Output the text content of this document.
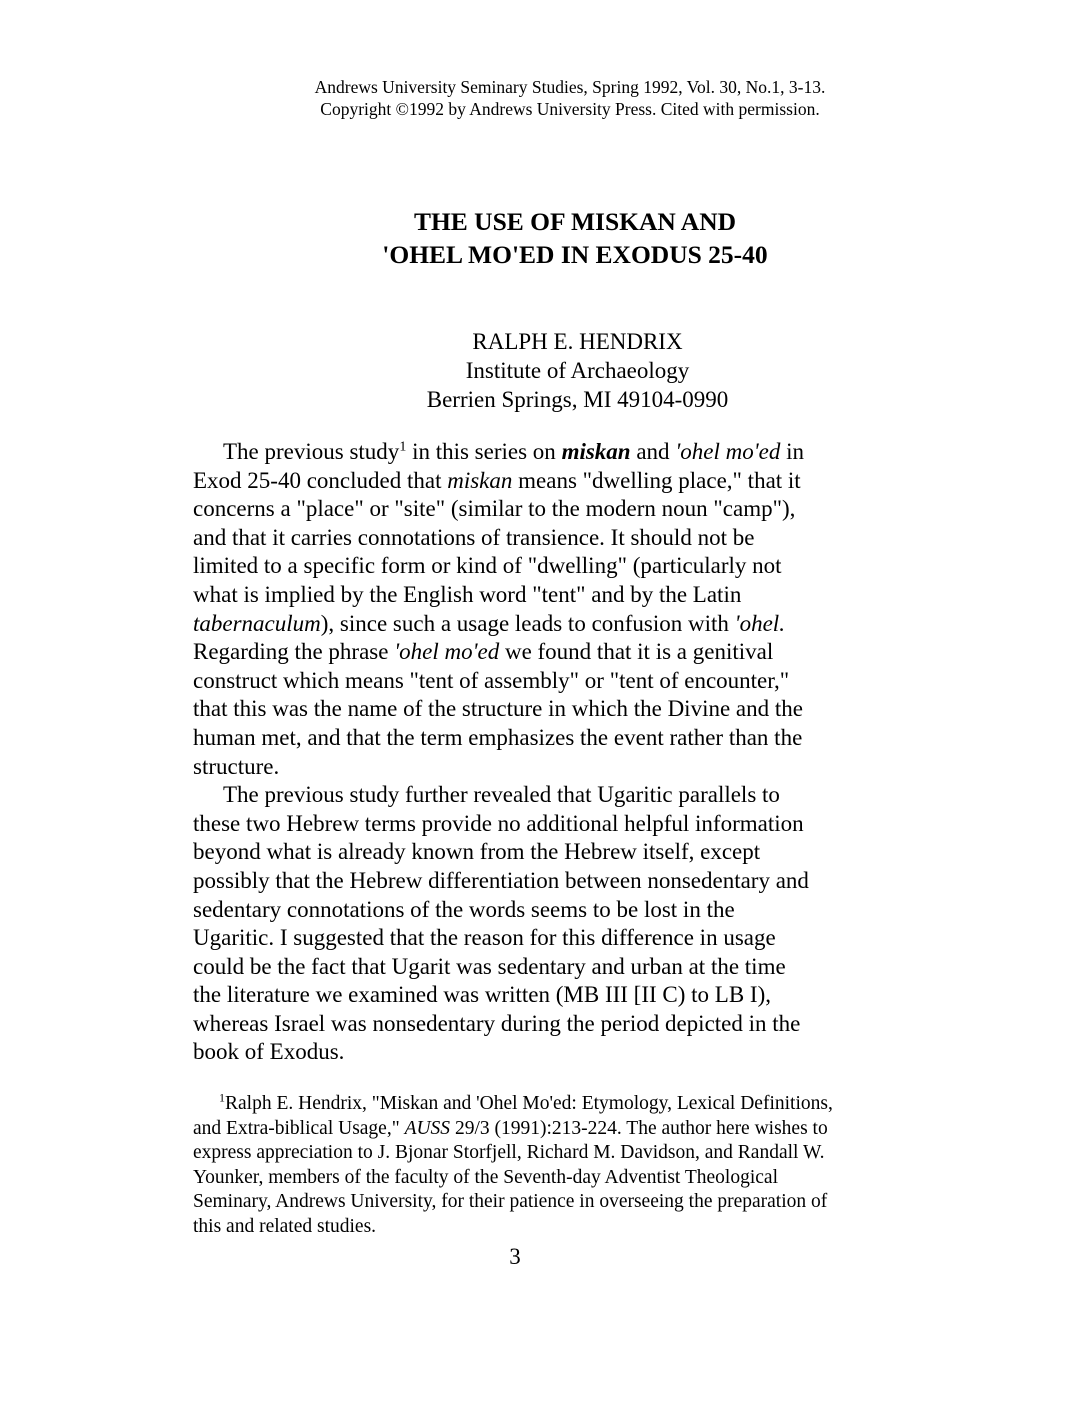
Andrews University Seminary Studies, Spring 1992, Vol. 30, No.1, 3-13.
Copyright ©1992 by Andrews University Press. Cited with permission.
THE USE OF MISKAN AND
'OHEL MO'ED IN EXODUS 25-40
RALPH E. HENDRIX
Institute of Archaeology
Berrien Springs, MI 49104-0990
The previous study$^1$ in this series on miskan and 'ohel mo'ed in
Exod 25-40 concluded that miskan means "dwelling place," that it
concerns a "place" or "site" (similar to the modern noun "camp"),
and that it carries connotations of transience. It should not be
limited to a specific form or kind of "dwelling" (particularly not
what is implied by the English word "tent" and by the Latin
tabernaculum), since such a usage leads to confusion with 'ohel.
Regarding the phrase 'ohel mo'ed we found that it is a genitival
construct which means "tent of assembly" or "tent of encounter,"
that this was the name of the structure in which the Divine and the
human met, and that the term emphasizes the event rather than the
structure.
The previous study further revealed that Ugaritic parallels to
these two Hebrew terms provide no additional helpful information
beyond what is already known from the Hebrew itself, except
possibly that the Hebrew differentiation between nonsedentary and
sedentary connotations of the words seems to be lost in the
Ugaritic. I suggested that the reason for this difference in usage
could be the fact that Ugarit was sedentary and urban at the time
the literature we examined was written (MB III [II C) to LB I),
whereas Israel was nonsedentary during the period depicted in the
book of Exodus.
$^1$Ralph E. Hendrix, "Miskan and 'Ohel Mo'ed: Etymology, Lexical Definitions,
and Extra-biblical Usage," AUSS 29/3 (1991):213-224. The author here wishes to
express appreciation to J. Bjonar Storfjell, Richard M. Davidson, and Randall W.
Younker, members of the faculty of the Seventh-day Adventist Theological
Seminary, Andrews University, for their patience in overseeing the preparation of
this and related studies.
3
